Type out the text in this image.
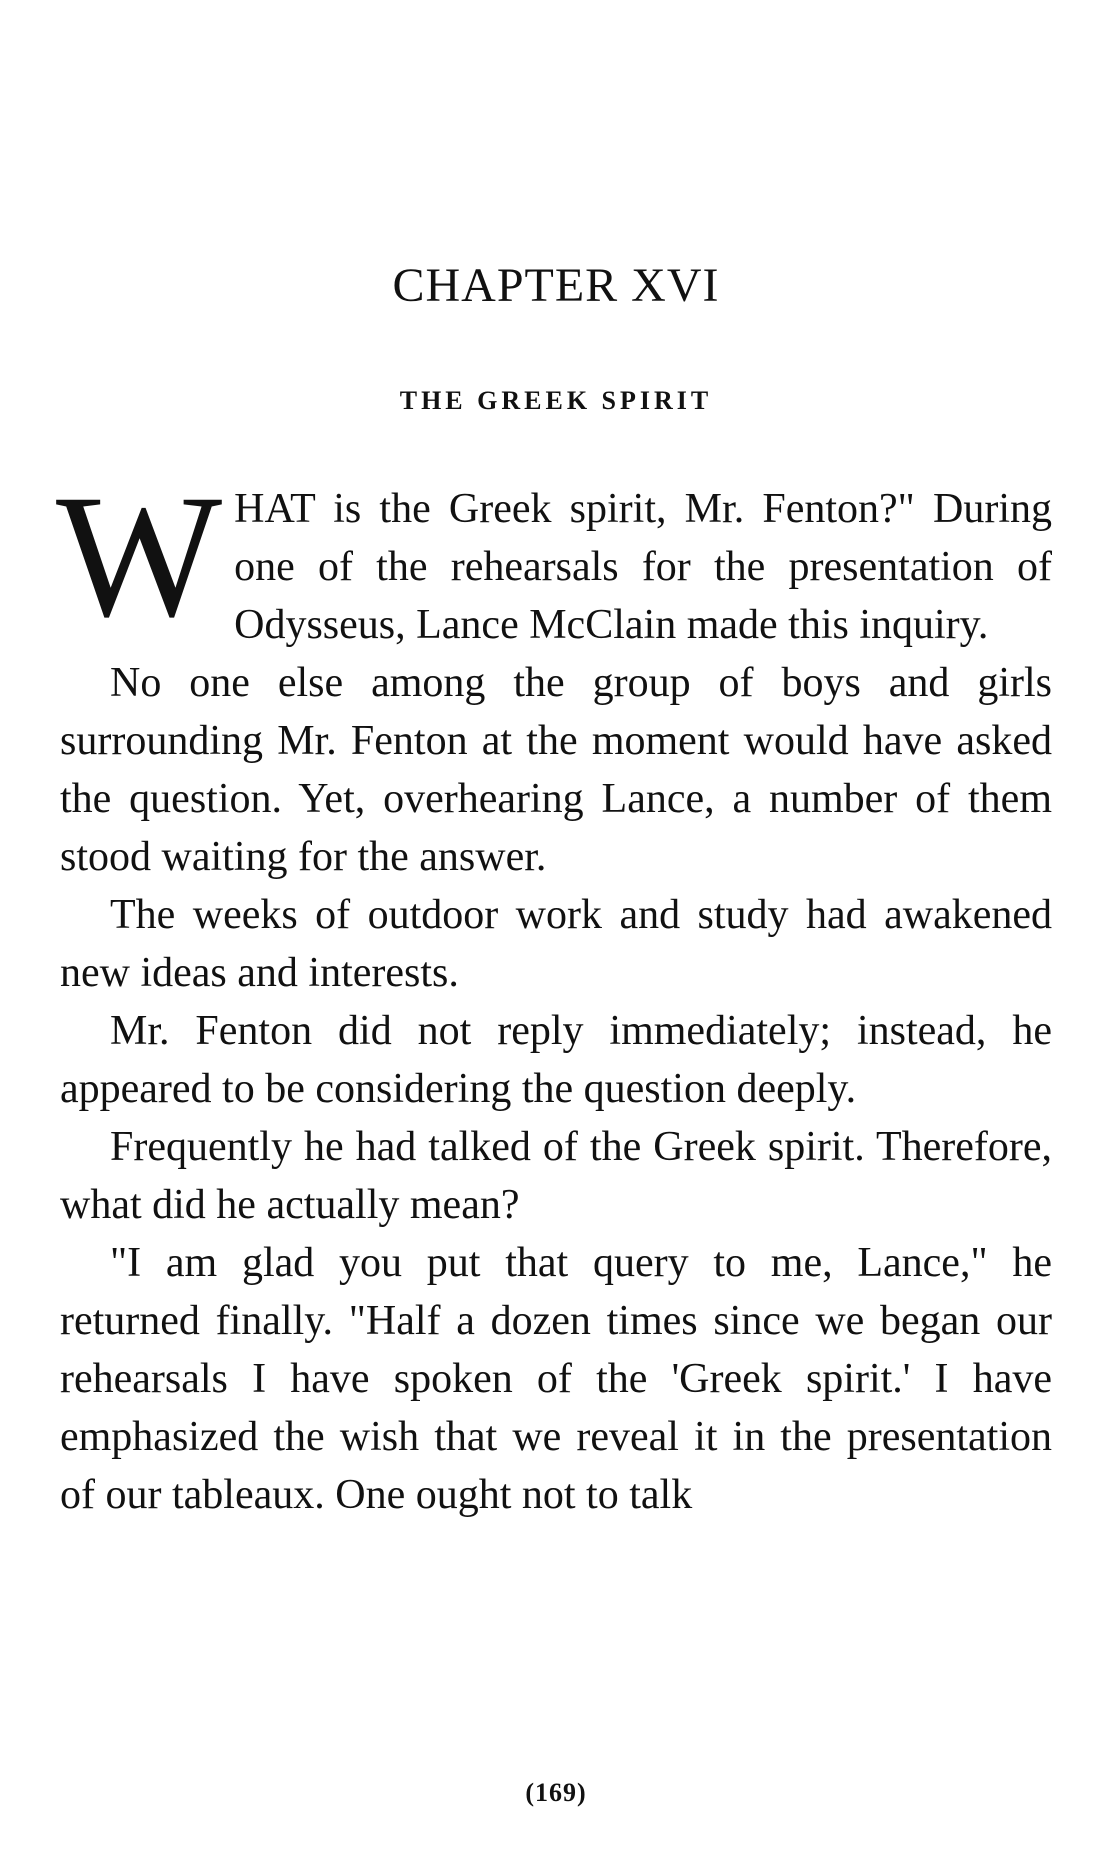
CHAPTER XVI
THE GREEK SPIRIT

WHAT is the Greek spirit, Mr. Fenton?" During one of the rehearsals for the presentation of Odysseus, Lance McClain made this inquiry.

No one else among the group of boys and girls surrounding Mr. Fenton at the moment would have asked the question. Yet, overhearing Lance, a number of them stood waiting for the answer.

The weeks of outdoor work and study had awakened new ideas and interests.

Mr. Fenton did not reply immediately; instead, he appeared to be considering the question deeply.

Frequently he had talked of the Greek spirit. Therefore, what did he actually mean?

"I am glad you put that query to me, Lance," he returned finally. "Half a dozen times since we began our rehearsals I have spoken of the 'Greek spirit.' I have emphasized the wish that we reveal it in the presentation of our tableaux. One ought not to talk

(169)
